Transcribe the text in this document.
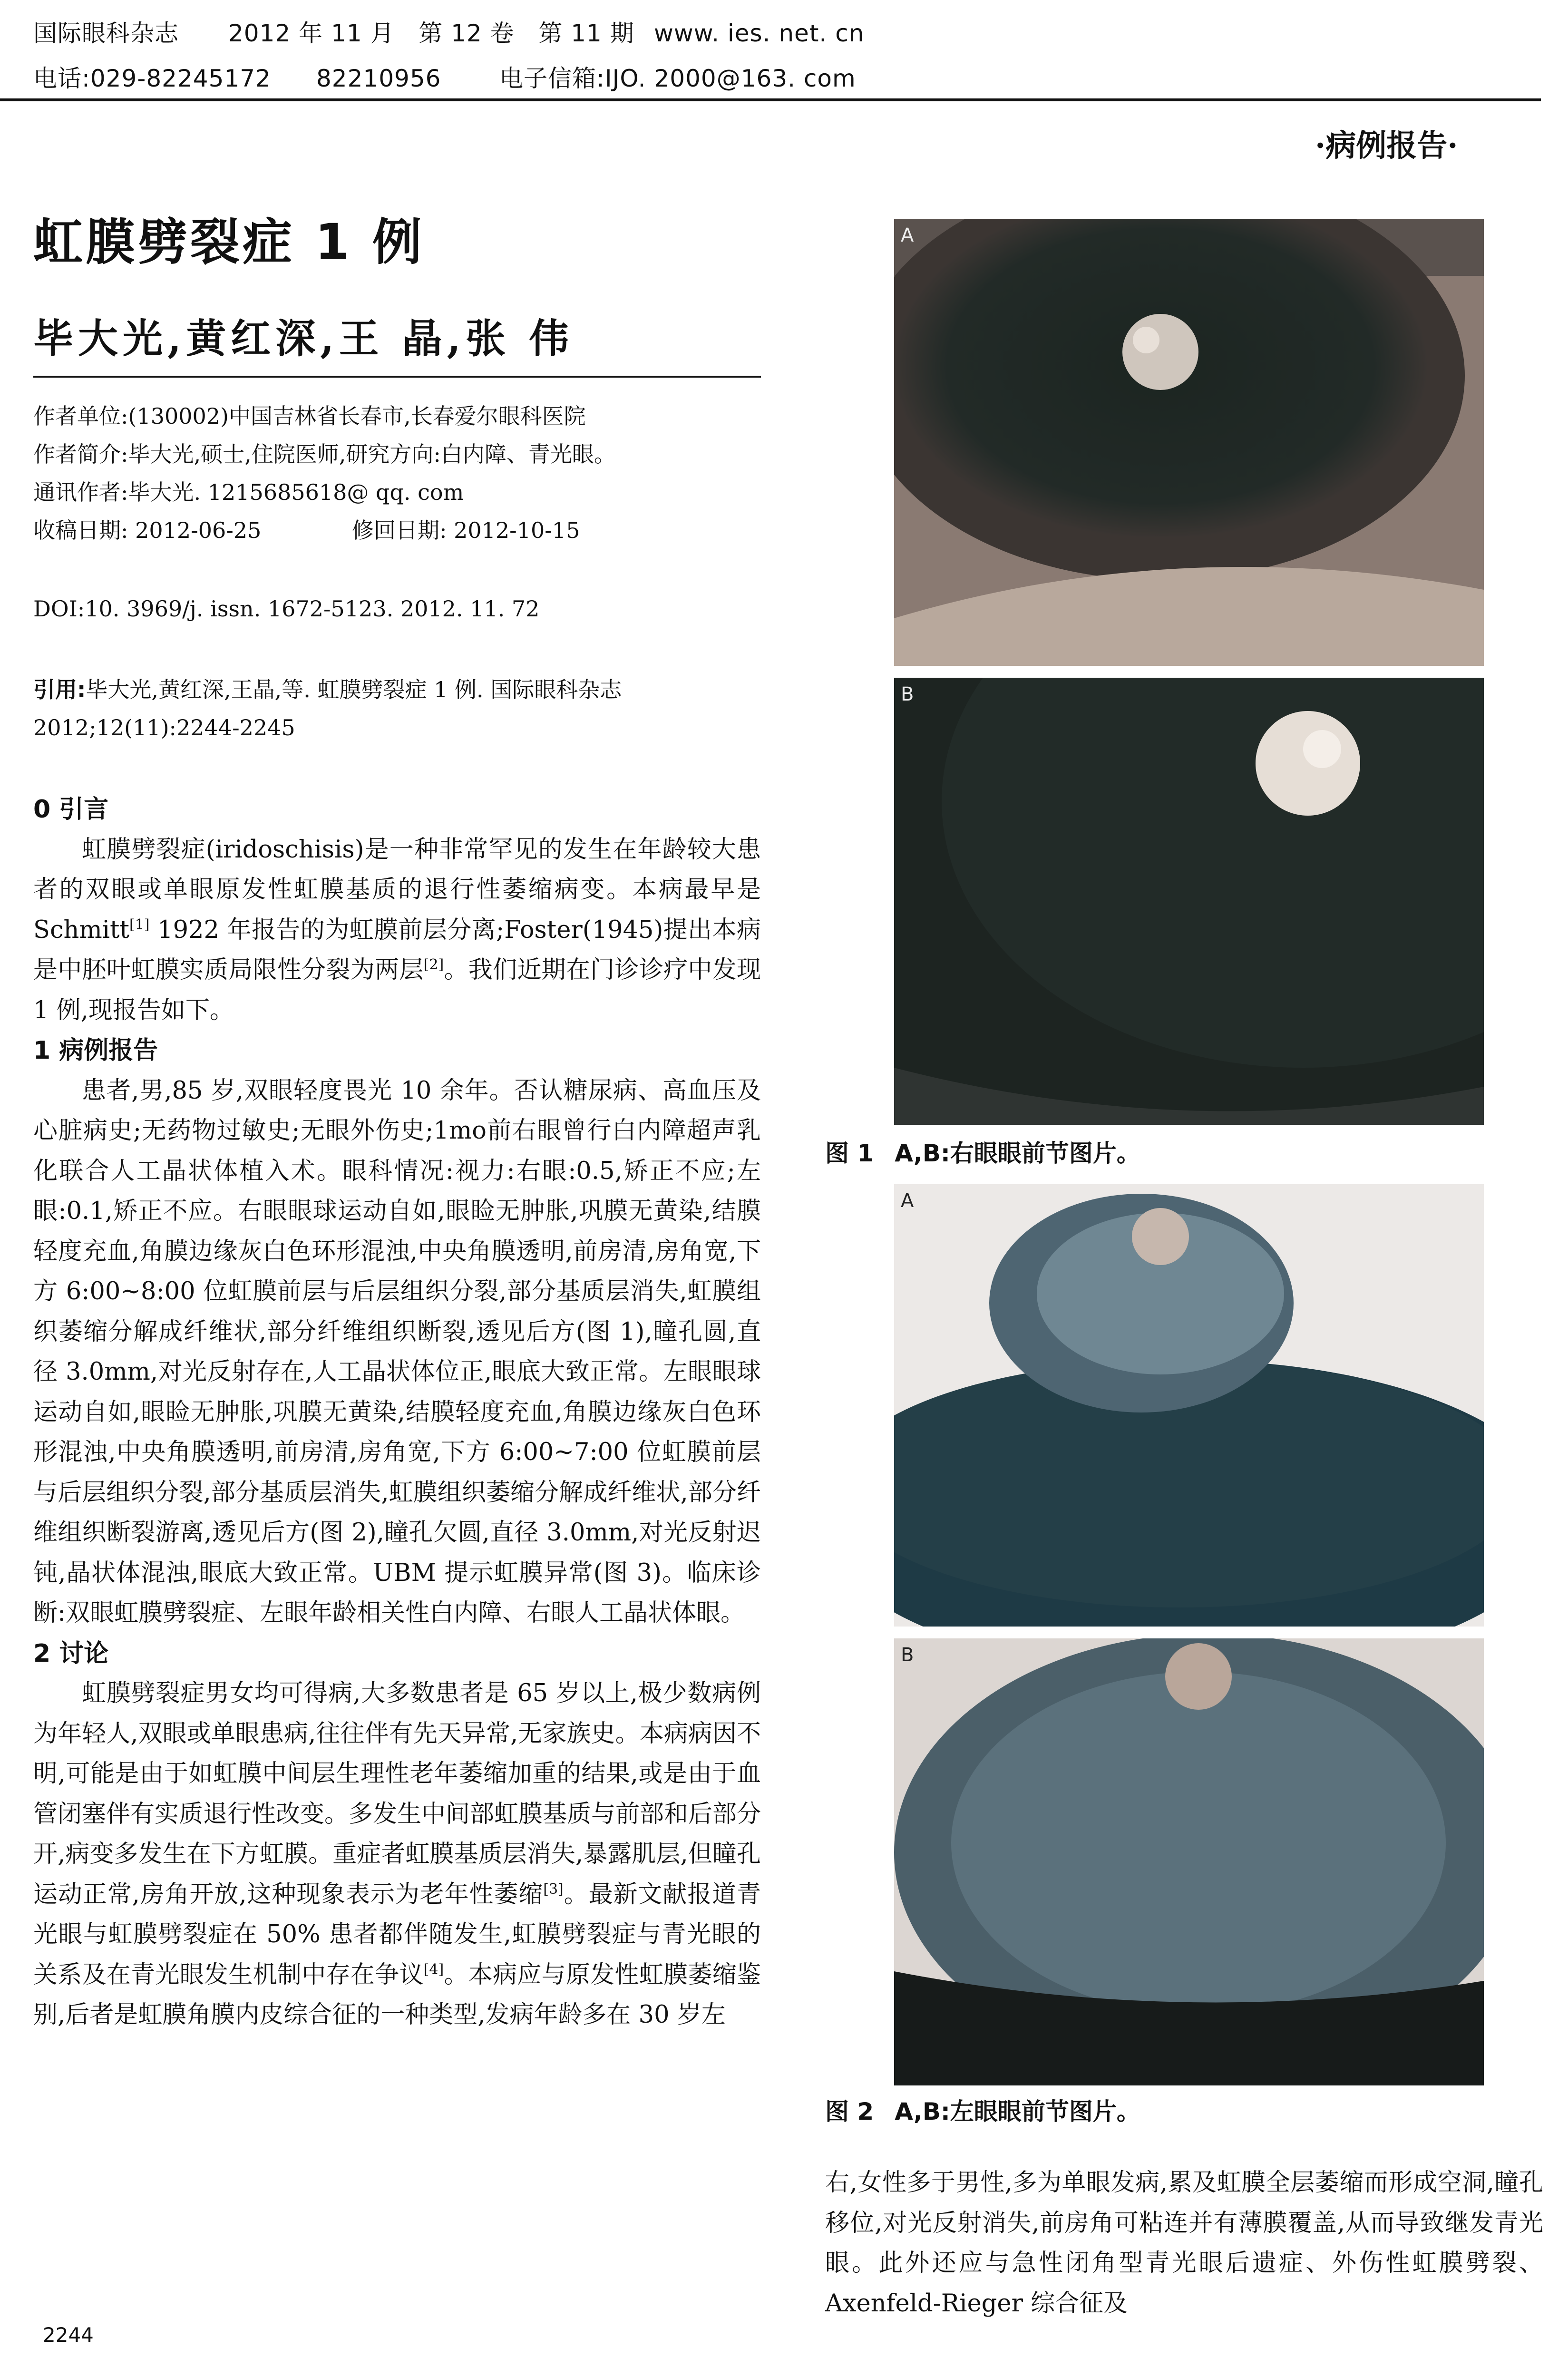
国际眼科杂志 2012 年 11 月   第 12 卷   第 11 期 www. ies. net. cn
电话:029-82245172 82210956 电子信箱:IJO. 2000@163. com
·病例报告·
虹膜劈裂症 1 例
毕大光,黄红深,王 晶,张 伟
作者单位:(130002)中国吉林省长春市,长春爱尔眼科医院
作者简介:毕大光,硕士,住院医师,研究方向:白内障、青光眼。
通讯作者:毕大光. 1215685618@ qq. com
收稿日期: 2012-06-25	修回日期: 2012-10-15
DOI:10. 3969/j. issn. 1672-5123. 2012. 11. 72
引用:毕大光,黄红深,王晶,等. 虹膜劈裂症 1 例. 国际眼科杂志
2012;12(11):2244-2245
0 引言

虹膜劈裂症(iridoschisis)是一种非常罕见的发生在年龄较大患者的双眼或单眼原发性虹膜基质的退行性萎缩病变。本病最早是 Schmitt[1] 1922 年报告的为虹膜前层分离;Foster(1945)提出本病是中胚叶虹膜实质局限性分裂为两层[2]。我们近期在门诊诊疗中发现 1 例,现报告如下。

1 病例报告

患者,男,85 岁,双眼轻度畏光 10 余年。否认糖尿病、高血压及心脏病史;无药物过敏史;无眼外伤史;1mo前右眼曾行白内障超声乳化联合人工晶状体植入术。眼科情况:视力:右眼:0.5,矫正不应;左眼:0.1,矫正不应。右眼眼球运动自如,眼睑无肿胀,巩膜无黄染,结膜轻度充血,角膜边缘灰白色环形混浊,中央角膜透明,前房清,房角宽,下方 6:00~8:00 位虹膜前层与后层组织分裂,部分基质层消失,虹膜组织萎缩分解成纤维状,部分纤维组织断裂,透见后方(图 1),瞳孔圆,直径 3.0mm,对光反射存在,人工晶状体位正,眼底大致正常。左眼眼球运动自如,眼睑无肿胀,巩膜无黄染,结膜轻度充血,角膜边缘灰白色环形混浊,中央角膜透明,前房清,房角宽,下方 6:00~7:00 位虹膜前层与后层组织分裂,部分基质层消失,虹膜组织萎缩分解成纤维状,部分纤维组织断裂游离,透见后方(图 2),瞳孔欠圆,直径 3.0mm,对光反射迟钝,晶状体混浊,眼底大致正常。UBM 提示虹膜异常(图 3)。临床诊断:双眼虹膜劈裂症、左眼年龄相关性白内障、右眼人工晶状体眼。

2 讨论

虹膜劈裂症男女均可得病,大多数患者是 65 岁以上,极少数病例为年轻人,双眼或单眼患病,往往伴有先天异常,无家族史。本病病因不明,可能是由于如虹膜中间层生理性老年萎缩加重的结果,或是由于血管闭塞伴有实质退行性改变。多发生中间部虹膜基质与前部和后部分开,病变多发生在下方虹膜。重症者虹膜基质层消失,暴露肌层,但瞳孔运动正常,房角开放,这种现象表示为老年性萎缩[3]。最新文献报道青光眼与虹膜劈裂症在 50% 患者都伴随发生,虹膜劈裂症与青光眼的关系及在青光眼发生机制中存在争议[4]。本病应与原发性虹膜萎缩鉴别,后者是虹膜角膜内皮综合征的一种类型,发病年龄多在 30 岁左

A
B
图 1 A,B:右眼眼前节图片。
A
B
图 2 A,B:左眼眼前节图片。

右,女性多于男性,多为单眼发病,累及虹膜全层萎缩而形成空洞,瞳孔移位,对光反射消失,前房角可粘连并有薄膜覆盖,从而导致继发青光眼。此外还应与急性闭角型青光眼后遗症、外伤性虹膜劈裂、Axenfeld-Rieger 综合征及

2244
